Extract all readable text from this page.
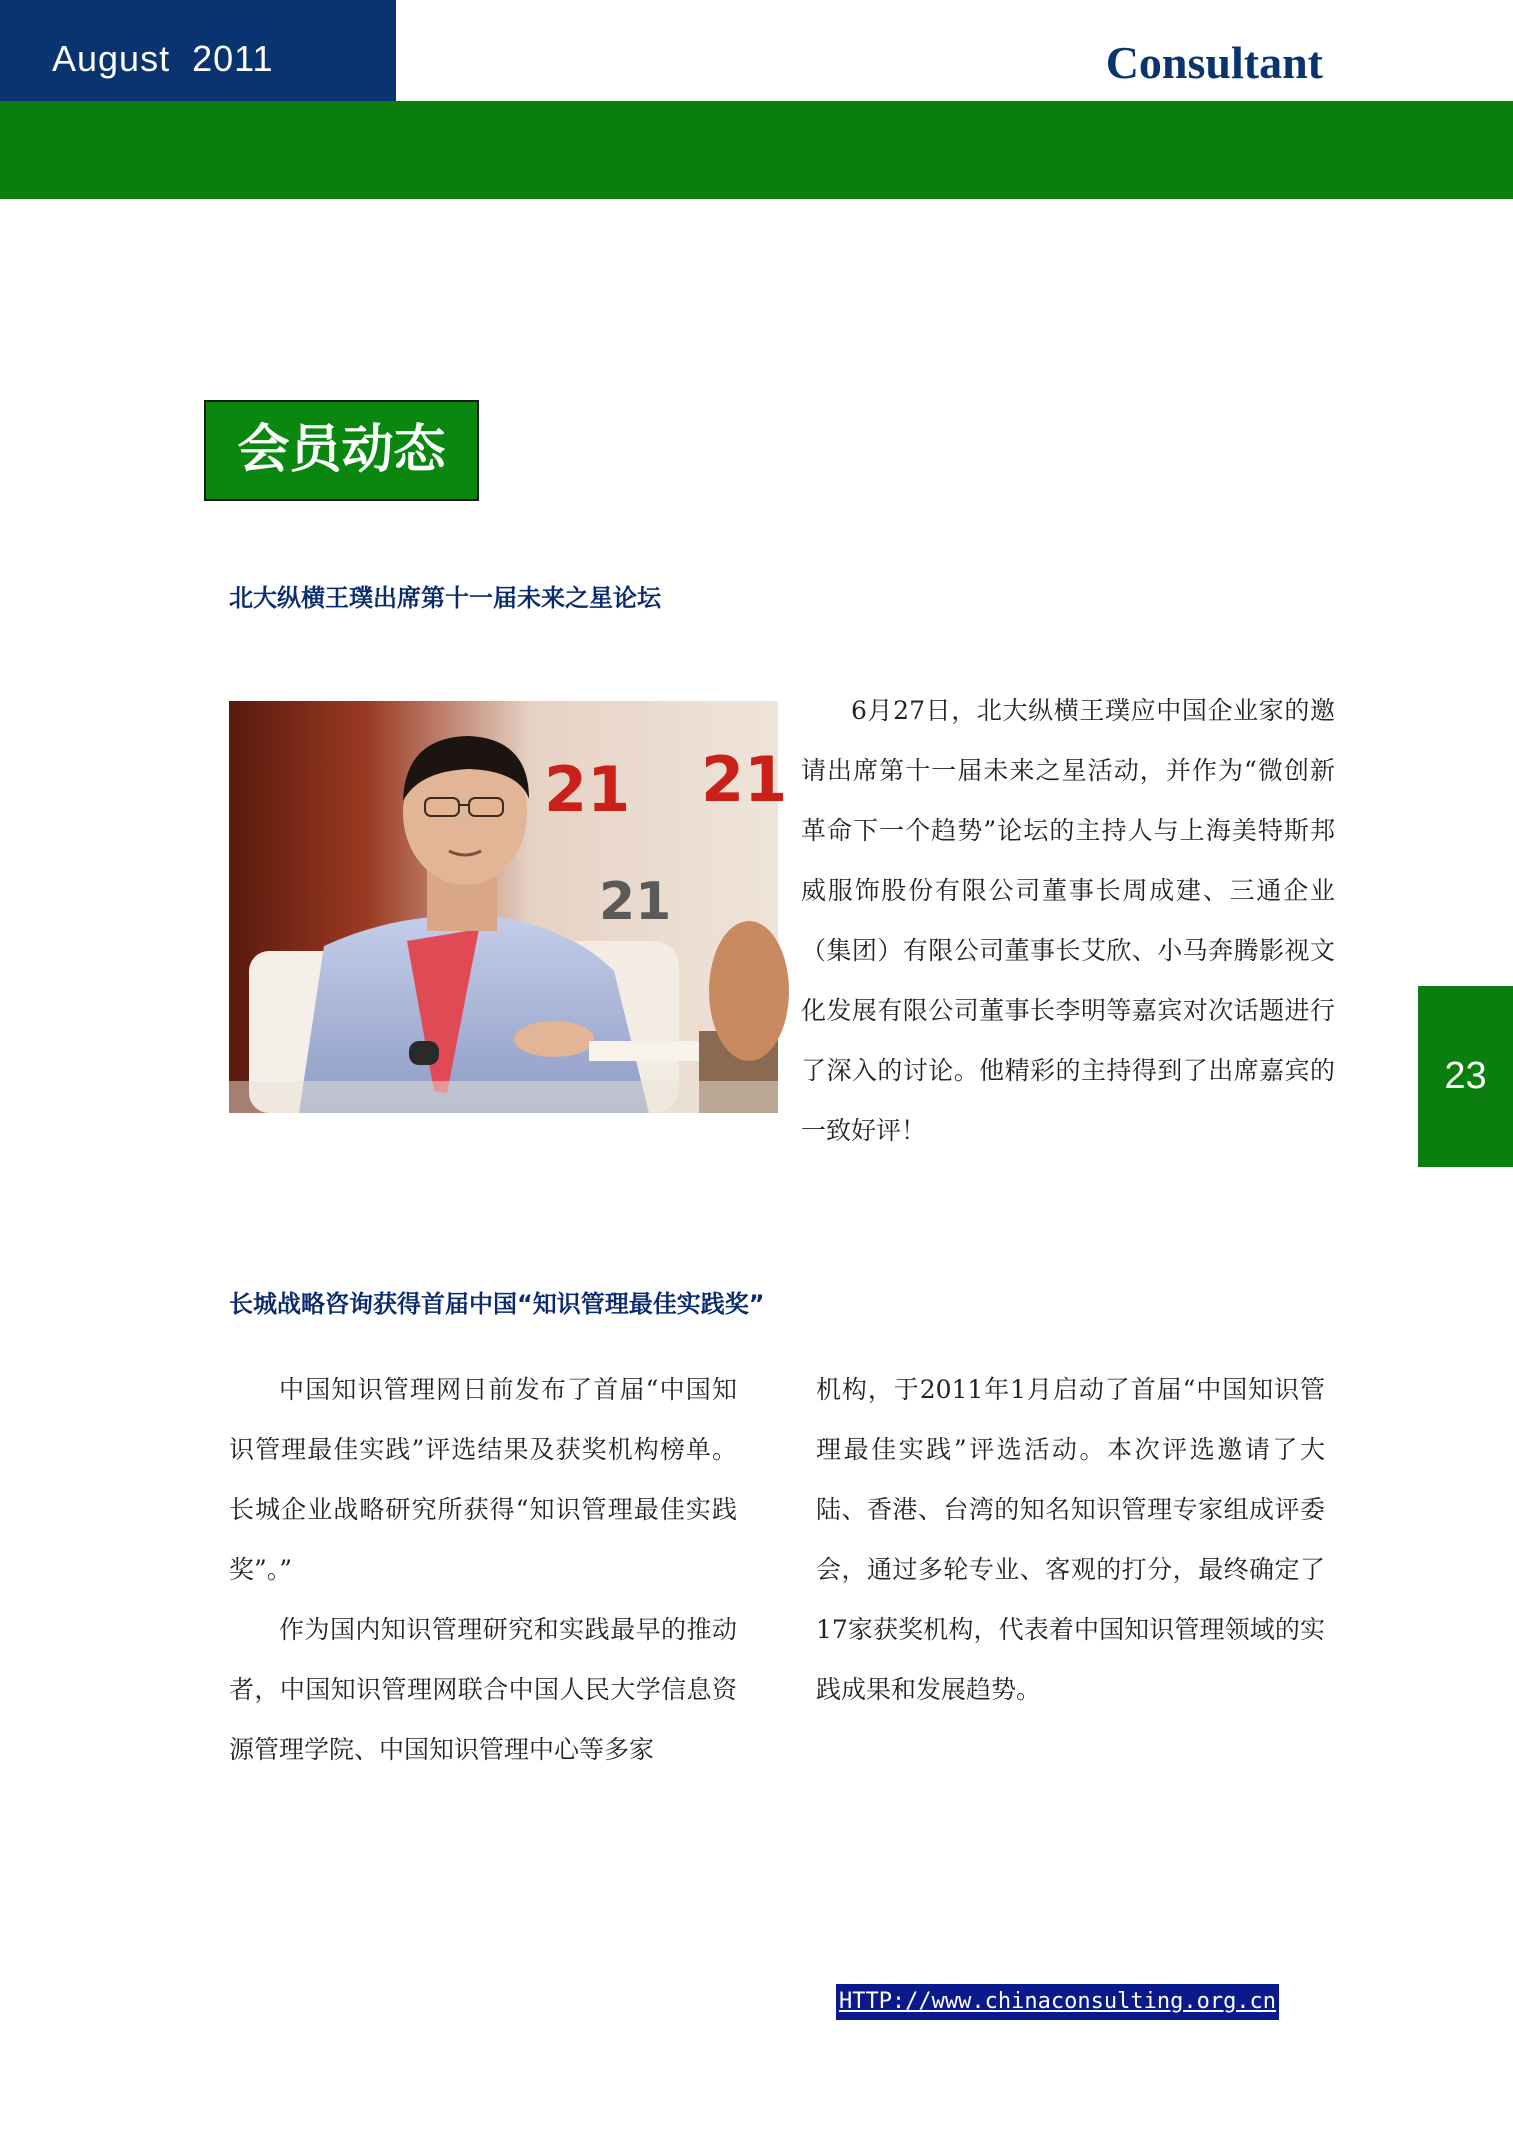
August  2011	Consultant
会员动态
北大纵横王璞出席第十一届未来之星论坛
21 21
21

6月27日，北大纵横王璞应中国企业家的邀请出席第十一届未来之星活动，并作为“微创新革命下一个趋势”论坛的主持人与上海美特斯邦威服饰股份有限公司董事长周成建、三通企业（集团）有限公司董事长艾欣、小马奔腾影视文化发展有限公司董事长李明等嘉宾对次话题进行了深入的讨论。他精彩的主持得到了出席嘉宾的一致好评！

23
长城战略咨询获得首届中国“知识管理最佳实践奖”

中国知识管理网日前发布了首届“中国知识管理最佳实践”评选结果及获奖机构榜单。长城企业战略研究所获得“知识管理最佳实践奖”。”

作为国内知识管理研究和实践最早的推动者，中国知识管理网联合中国人民大学信息资源管理学院、中国知识管理中心等多家

机构，于2011年1月启动了首届“中国知识管理最佳实践”评选活动。本次评选邀请了大陆、香港、台湾的知名知识管理专家组成评委会，通过多轮专业、客观的打分，最终确定了17家获奖机构，代表着中国知识管理领域的实践成果和发展趋势。

HTTP://www.chinaconsulting.org.cn
